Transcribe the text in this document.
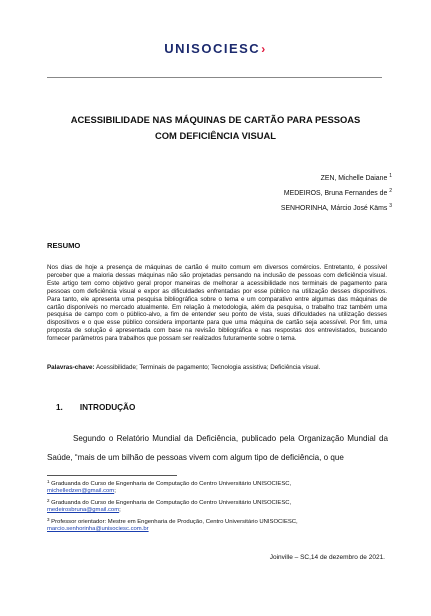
UNISOCIESC›
ACESSIBILIDADE NAS MÁQUINAS DE CARTÃO PARA PESSOAS
COM DEFICIÊNCIA VISUAL
ZEN, Michelle Daiane $^1$
MEDEIROS, Bruna Fernandes de $^2$
SENHORINHA, Márcio José Käms $^3$
RESUMO
Nos dias de hoje a presença de máquinas de cartão é muito comum em diversos comércios. Entretanto, é possível perceber que a maioria dessas máquinas não são projetadas pensando na inclusão de pessoas com deficiência visual. Este artigo tem como objetivo geral propor maneiras de melhorar a acessibilidade nos terminais de pagamento para pessoas com deficiência visual e expor as dificuldades enfrentadas por esse público na utilização desses dispositivos. Para tanto, ele apresenta uma pesquisa bibliográfica sobre o tema e um comparativo entre algumas das máquinas de cartão disponíveis no mercado atualmente. Em relação à metodologia, além da pesquisa, o trabalho traz também uma pesquisa de campo com o público-alvo, a fim de entender seu ponto de vista, suas dificuldades na utilização desses dispositivos e o que esse público considera importante para que uma máquina de cartão seja acessível. Por fim, uma proposta de solução é apresentada com base na revisão bibliográfica e nas respostas dos entrevistados, buscando fornecer parâmetros para trabalhos que possam ser realizados futuramente sobre o tema.
Palavras-chave: Acessibilidade; Terminais de pagamento; Tecnologia assistiva; Deficiência visual.
1. INTRODUÇÃO
Segundo o Relatório Mundial da Deficiência, publicado pela Organização Mundial da Saúde, “mais de um bilhão de pessoas vivem com algum tipo de deficiência, o que
$^1$ Graduanda do Curso de Engenharia de Computação do Centro Universitário UNISOCIESC,
michelledzen@gmail.com;
$^2$ Graduanda do Curso de Engenharia de Computação do Centro Universitário UNISOCIESC,
medeirosbruna@gmail.com;
$^3$ Professor orientador: Mestre em Engenharia de Produção, Centro Universitário UNISOCIESC,
marcio.senhorinha@unisociesc.com.br
Joinville – SC,14 de dezembro de 2021.
